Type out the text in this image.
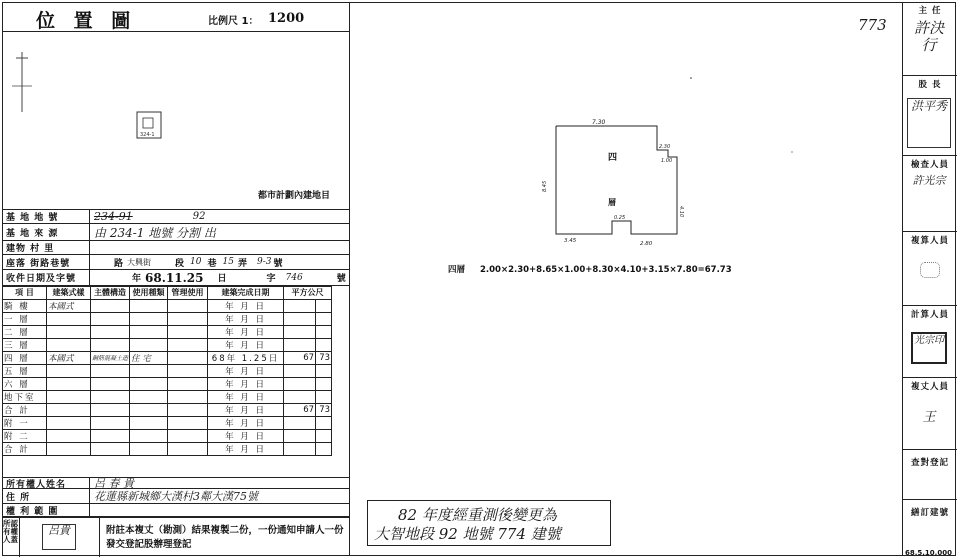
位 置 圖	比例尺 1： 1200
324-1
都市計劃內建地目
基 地 地 號	234-91	92
基 地 來 源	由 234-1 地號 分割 出
建物 村 里
座落 街路巷號	路 大興街	段 10 巷 15 弄 9-3 號
收件日期及字號	年 68. 11.25 日	字 746	號
項 目	建築式樣	主體構造	使用種類	管理使用	建築完成日期	平方公尺	
騎 樓	本國式				年 月 日		
一 層					年 月 日		
二 層					年 月 日		
三 層					年 月 日		
四 層	本國式	鋼筋混凝土造	住 宅		68年 1.25日	67	73
五 層					年 月 日		
六 層					年 月 日		
地下室					年 月 日		
合 計					年 月 日	67	73
附 一					年 月 日		
附 二					年 月 日		
合 計					年 月 日		
所有權人姓名	呂 春 貴
住 所	花蓮縣新城鄉大漢村3鄰大漢75號
權 利 範 圍
所認有權人蓋
呂貴	附註本複丈（勘測）結果複製二份，一份通知申請人一份發交登記股辦理登記
四
層
7.30
2.30
1.00
8.45
4.10
0.25
3.45	2.80
四層 2.00×2.30+8.65×1.00+8.30×4.10+3.15×7.80=67.73
773
82 年度經重測後變更為
大智地段 92 地號 774 建號
主 任
許決行
股 長
洪平秀
檢查人員
許光宗
複算人員
計算人員
光宗印
複丈人員
王
查對登記
繕訂建號
68.5.10.000
